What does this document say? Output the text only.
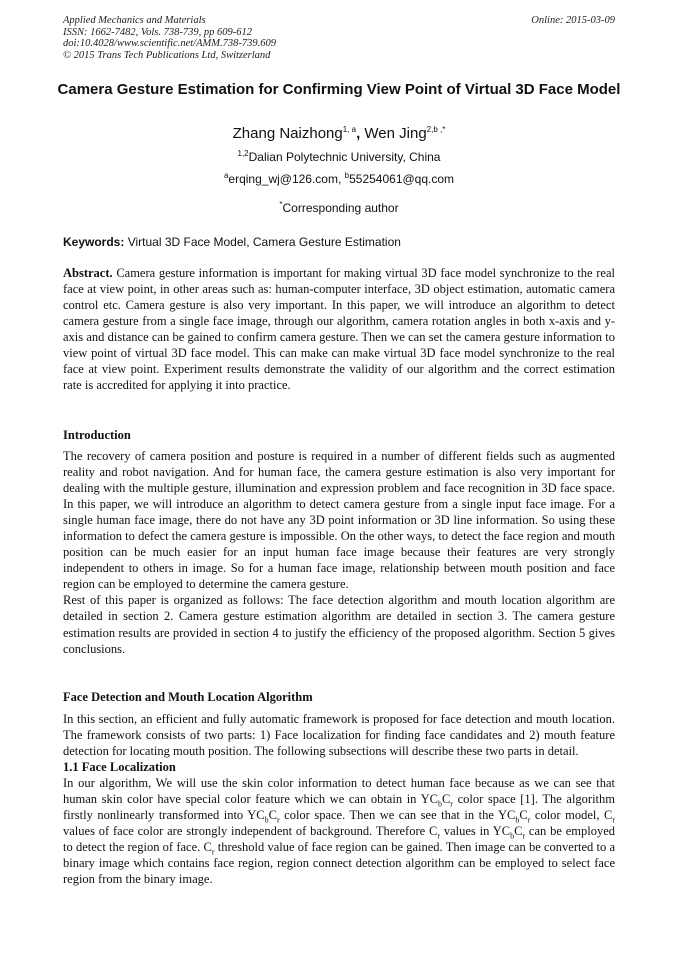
Applied Mechanics and Materials
ISSN: 1662-7482, Vols. 738-739, pp 609-612
doi:10.4028/www.scientific.net/AMM.738-739.609
© 2015 Trans Tech Publications Ltd, Switzerland
Online: 2015-03-09
Camera Gesture Estimation for Confirming View Point of Virtual 3D Face Model
Zhang Naizhong$^{1, a}$, Wen Jing$^{2,b ,*}$
$^{1,2}$Dalian Polytechnic University, China
$^a$erqing_wj@126.com, $^b$55254061@qq.com
*Corresponding author
Keywords: Virtual 3D Face Model, Camera Gesture Estimation

Abstract. Camera gesture information is important for making virtual 3D face model synchronize to the real face at view point, in other areas such as: human-computer interface, 3D object estimation, automatic camera control etc. Camera gesture is also very important. In this paper, we will introduce an algorithm to detect camera gesture from a single face image, through our algorithm, camera rotation angles in both x-axis and y-axis and distance can be gained to confirm camera gesture. Then we can set the camera gesture information to view point of virtual 3D face model. This can make can make virtual 3D face model synchronize to the real face at view point. Experiment results demonstrate the validity of our algorithm and the correct estimation rate is accredited for applying it into practice.

Introduction

The recovery of camera position and posture is required in a number of different fields such as augmented reality and robot navigation. And for human face, the camera gesture estimation is also very important for dealing with the multiple gesture, illumination and expression problem and face recognition in 3D face space. In this paper, we will introduce an algorithm to detect camera gesture from a single input face image. For a single human face image, there do not have any 3D point information or 3D line information. So using these information to defect the camera gesture is impossible. On the other ways, to detect the face region and mouth position can be much easier for an input human face image because their features are very strongly independent to others in image. So for a human face image, relationship between mouth position and face region can be employed to determine the camera gesture.

Rest of this paper is organized as follows: The face detection algorithm and mouth location algorithm are detailed in section 2. Camera gesture estimation algorithm are detailed in section 3. The camera gesture estimation results are provided in section 4 to justify the efficiency of the proposed algorithm. Section 5 gives conclusions.

Face Detection and Mouth Location Algorithm

In this section, an efficient and fully automatic framework is proposed for face detection and mouth location. The framework consists of two parts: 1) Face localization for finding face candidates and 2) mouth feature detection for locating mouth position. The following subsections will describe these two parts in detail.

1.1 Face Localization

In our algorithm, We will use the skin color information to detect human face because as we can see that human skin color have special color feature which we can obtain in $YC_bC_r$ color space [1]. The algorithm firstly nonlinearly transformed into $YC_bC_r$ color space. Then we can see that in the $YC_bC_r$ color model, $C_r$ values of face color are strongly independent of background. Therefore $C_r$ values in $YC_bC_r$ can be employed to detect the region of face. $C_r$ threshold value of face region can be gained. Then image can be converted to a binary image which contains face region, region connect detection algorithm can be employed to select face region from the binary image.
